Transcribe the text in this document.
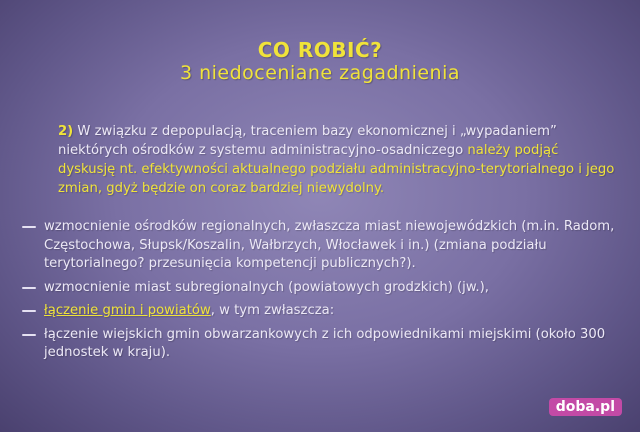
CO ROBIĆ?
3 niedoceniane zagadnienia
2) W związku z depopulacją, traceniem bazy ekonomicznej i „wypadaniem” niektórych ośrodków z systemu administracyjno-osadniczego należy podjąć dyskusję nt. efektywności aktualnego podziału administracyjno-terytorialnego i jego zmian, gdyż będzie on coraz bardziej niewydolny.
wzmocnienie ośrodków regionalnych, zwłaszcza miast niewojewódzkich (m.in. Radom, Częstochowa, Słupsk/Koszalin, Wałbrzych, Włocławek i in.) (zmiana podziału terytorialnego? przesunięcia kompetencji publicznych?).
wzmocnienie miast subregionalnych (powiatowych grodzkich) (jw.),
łączenie gmin i powiatów, w tym zwłaszcza:
łączenie wiejskich gmin obwarzankowych z ich odpowiednikami miejskimi (około 300 jednostek w kraju).
doba.pl
